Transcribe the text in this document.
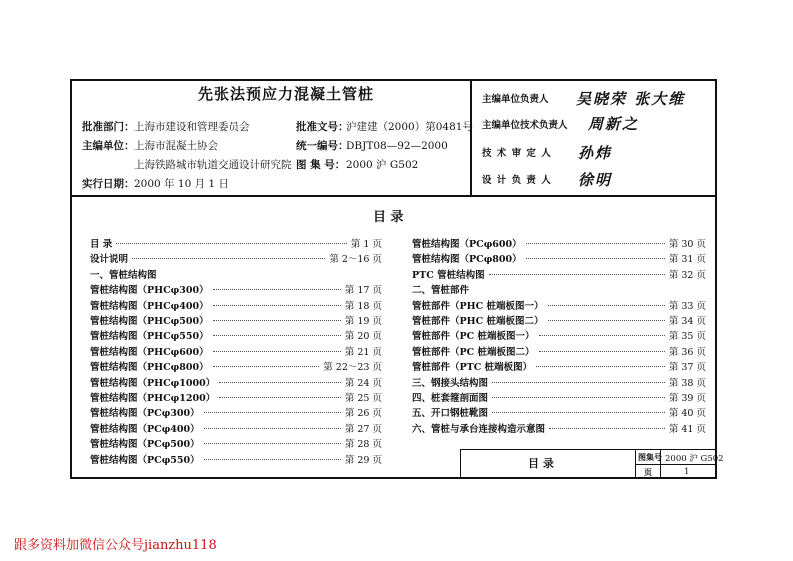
先张法预应力混凝土管桩
批准部门： 上海市建设和管理委员会	批准文号：
沪建建（2000）第0481号
主编单位： 上海市混凝土协会	统一编号：
DBJT08—92—2000
上海铁路城市轨道交通设计研究院 图 集 号： 2000 沪 G502
实行日期： 2000 年 10 月 1 日
主编单位负责人 吴晓荣 张大维
主编单位技术负责人 周新之
技 术 审 定 人 孙炜
设 计 负 责 人 徐明
目 录
目 录	第 1 页
设计说明	第 2～16 页
一、管桩结构图
管桩结构图（PHCφ300）	第 17 页
管桩结构图（PHCφ400）	第 18 页
管桩结构图（PHCφ500）	第 19 页
管桩结构图（PHCφ550）	第 20 页
管桩结构图（PHCφ600）	第 21 页
管桩结构图（PHCφ800）	第 22～23 页
管桩结构图（PHCφ1000）	第 24 页
管桩结构图（PHCφ1200）	第 25 页
管桩结构图（PCφ300）	第 26 页
管桩结构图（PCφ400）	第 27 页
管桩结构图（PCφ500）	第 28 页
管桩结构图（PCφ550）	第 29 页
管桩结构图（PCφ600）	第 30 页
管桩结构图（PCφ800）	第 31 页
PTC 管桩结构图	第 32 页
二、管桩部件
管桩部件（PHC 桩端板图一）	第 33 页
管桩部件（PHC 桩端板图二）	第 34 页
管桩部件（PC 桩端板图一）	第 35 页
管桩部件（PC 桩端板图二）	第 36 页
管桩部件（PTC 桩端板图）	第 37 页
三、钢接头结构图	第 38 页
四、桩套箍剖面图	第 39 页
五、开口钢桩靴图	第 40 页
六、管桩与承台连接构造示意图	第 41 页
目 录	图集号 2000 沪 G502
页	1
跟多资料加微信公众号jianzhu118
